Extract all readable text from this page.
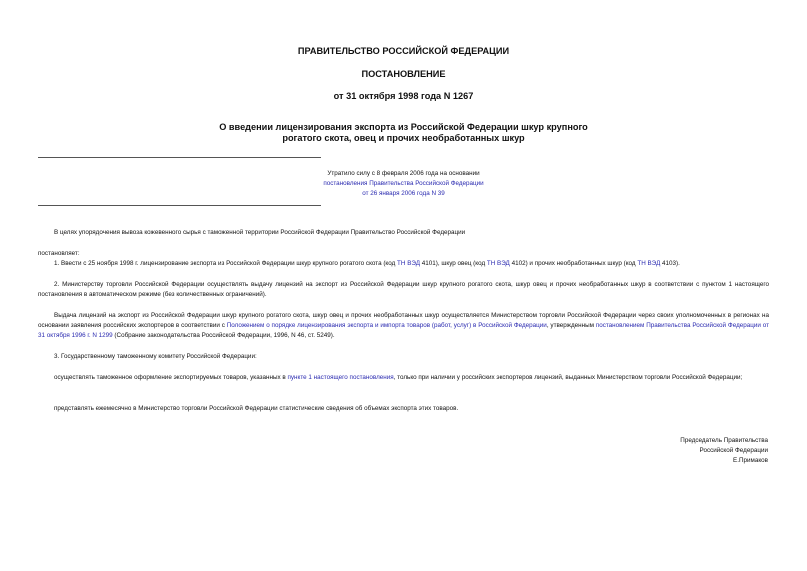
ПРАВИТЕЛЬСТВО РОССИЙСКОЙ ФЕДЕРАЦИИ
ПОСТАНОВЛЕНИЕ
от 31 октября 1998 года N 1267
О введении лицензирования экспорта из Российской Федерации шкур крупного
рогатого скота, овец и прочих необработанных шкур
Утратило силу с 8 февраля 2006 года на основании
постановления Правительства Российской Федерации
от 26 января 2006 года N 39
В целях упорядочения вывоза кожевенного сырья с таможенной территории Российской Федерации Правительство Российской Федерации
постановляет:
1. Ввести с 25 ноября 1998 г. лицензирование экспорта из Российской Федерации шкур крупного рогатого скота (код ТН ВЭД 4101), шкур овец (код ТН ВЭД 4102) и прочих необработанных шкур (код ТН ВЭД 4103).
2. Министерству торговли Российской Федерации осуществлять выдачу лицензий на экспорт из Российской Федерации шкур крупного рогатого скота, шкур овец и прочих необработанных шкур в соответствии с пунктом 1 настоящего постановления в автоматическом режиме (без количественных ограничений).
Выдача лицензий на экспорт из Российской Федерации шкур крупного рогатого скота, шкур овец и прочих необработанных шкур осуществляется Министерством торговли Российской Федерации через своих уполномоченных в регионах на основании заявления российских экспортеров в соответствии с Положением о порядке лицензирования экспорта и импорта товаров (работ, услуг) в Российской Федерации, утвержденным постановлением Правительства Российской Федерации от 31 октября 1996 г. N 1299 (Собрание законодательства Российской Федерации, 1996, N 46, ст. 5249).
3. Государственному таможенному комитету Российской Федерации:
осуществлять таможенное оформление экспортируемых товаров, указанных в пункте 1 настоящего постановления, только при наличии у российских экспортеров лицензий, выданных Министерством торговли Российской Федерации;
представлять ежемесячно в Министерство торговли Российской Федерации статистические сведения об объемах экспорта этих товаров.
Председатель Правительства
Российской Федерации
Е.Примаков
